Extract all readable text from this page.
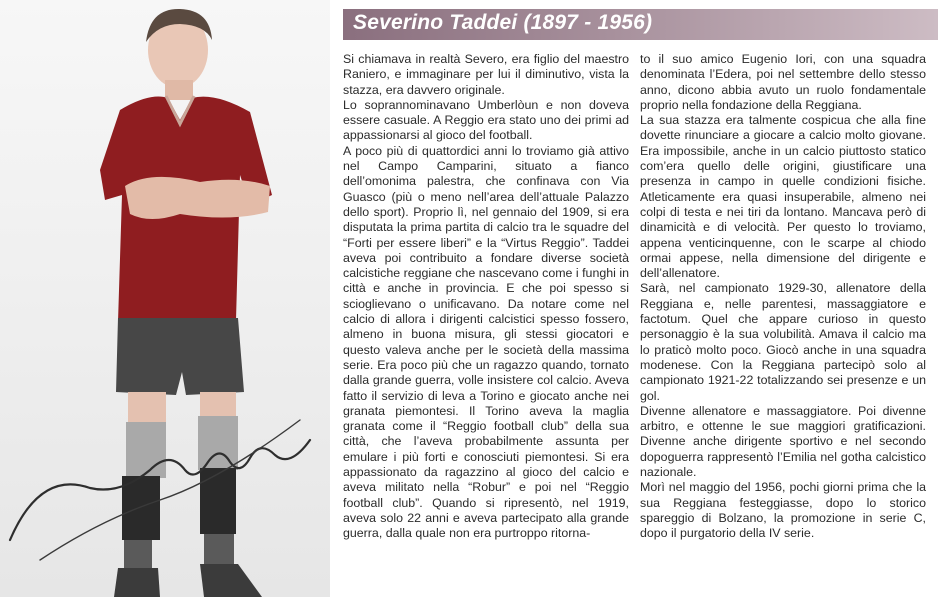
Severino Taddei (1897 - 1956)

Si chiamava in realtà Severo, era figlio del maestro Raniero, e immaginare per lui il diminutivo, vista la stazza, era davvero originale.

Lo soprannominavano Umberlòun e non doveva essere casuale. A Reggio era stato uno dei primi ad appassionarsi al gioco del football.

A poco più di quattordici anni lo troviamo già attivo nel Campo Camparini, situato a fianco dell’omonima palestra, che confinava con Via Guasco (più o meno nell’area dell’attuale Palazzo dello sport). Proprio lì, nel gennaio del 1909, si era disputata la prima partita di calcio tra le squadre del “Forti per essere liberi” e la “Virtus Reggio”. Taddei aveva poi contribuito a fondare diverse società calcistiche reggiane che nascevano come i funghi in città e anche in provincia. E che poi spesso si scioglievano o unificavano. Da notare come nel calcio di allora i dirigenti calcistici spesso fossero, almeno in buona misura, gli stessi giocatori e questo valeva anche per le società della massima serie. Era poco più che un ragazzo quando, tornato dalla grande guerra, volle insistere col calcio. Aveva fatto il servizio di leva a Torino e giocato anche nei granata piemontesi. Il Torino aveva la maglia granata come il “Reggio football club” della sua città, che l’aveva probabilmente assunta per emulare i più forti e conosciuti piemontesi. Si era appassionato da ragazzino al gioco del calcio e aveva militato nella “Robur” e poi nel “Reggio football club”. Quando si ripresentò, nel 1919, aveva solo 22 anni e aveva partecipato alla grande guerra, dalla quale non era purtroppo ritorna-

to il suo amico Eugenio Iori, con una squadra denominata l’Edera, poi nel settembre dello stesso anno, dicono abbia avuto un ruolo fondamentale proprio nella fondazione della Reggiana.

La sua stazza era talmente cospicua che alla fine dovette rinunciare a giocare a calcio molto giovane. Era impossibile, anche in un calcio piuttosto statico com’era quello delle origini, giustificare una presenza in campo in quelle condizioni fisiche. Atleticamente era quasi insuperabile, almeno nei colpi di testa e nei tiri da lontano. Mancava però di dinamicità e di velocità. Per questo lo troviamo, appena venticinquenne, con le scarpe al chiodo ormai appese, nella dimensione del dirigente e dell’allenatore.

Sarà, nel campionato 1929-30, allenatore della Reggiana e, nelle parentesi, massaggiatore e factotum. Quel che appare curioso in questo personaggio è la sua volubilità. Amava il calcio ma lo praticò molto poco. Giocò anche in una squadra modenese. Con la Reggiana partecipò solo al campionato 1921-22 totalizzando sei presenze e un gol.

Divenne allenatore e massaggiatore. Poi divenne arbitro, e ottenne le sue maggiori gratificazioni. Divenne anche dirigente sportivo e nel secondo dopoguerra rappresentò l’Emilia nel gotha calcistico nazionale.

Morì nel maggio del 1956, pochi giorni prima che la sua Reggiana festeggiasse, dopo lo storico spareggio di Bolzano, la promozione in serie C, dopo il purgatorio della IV serie.
